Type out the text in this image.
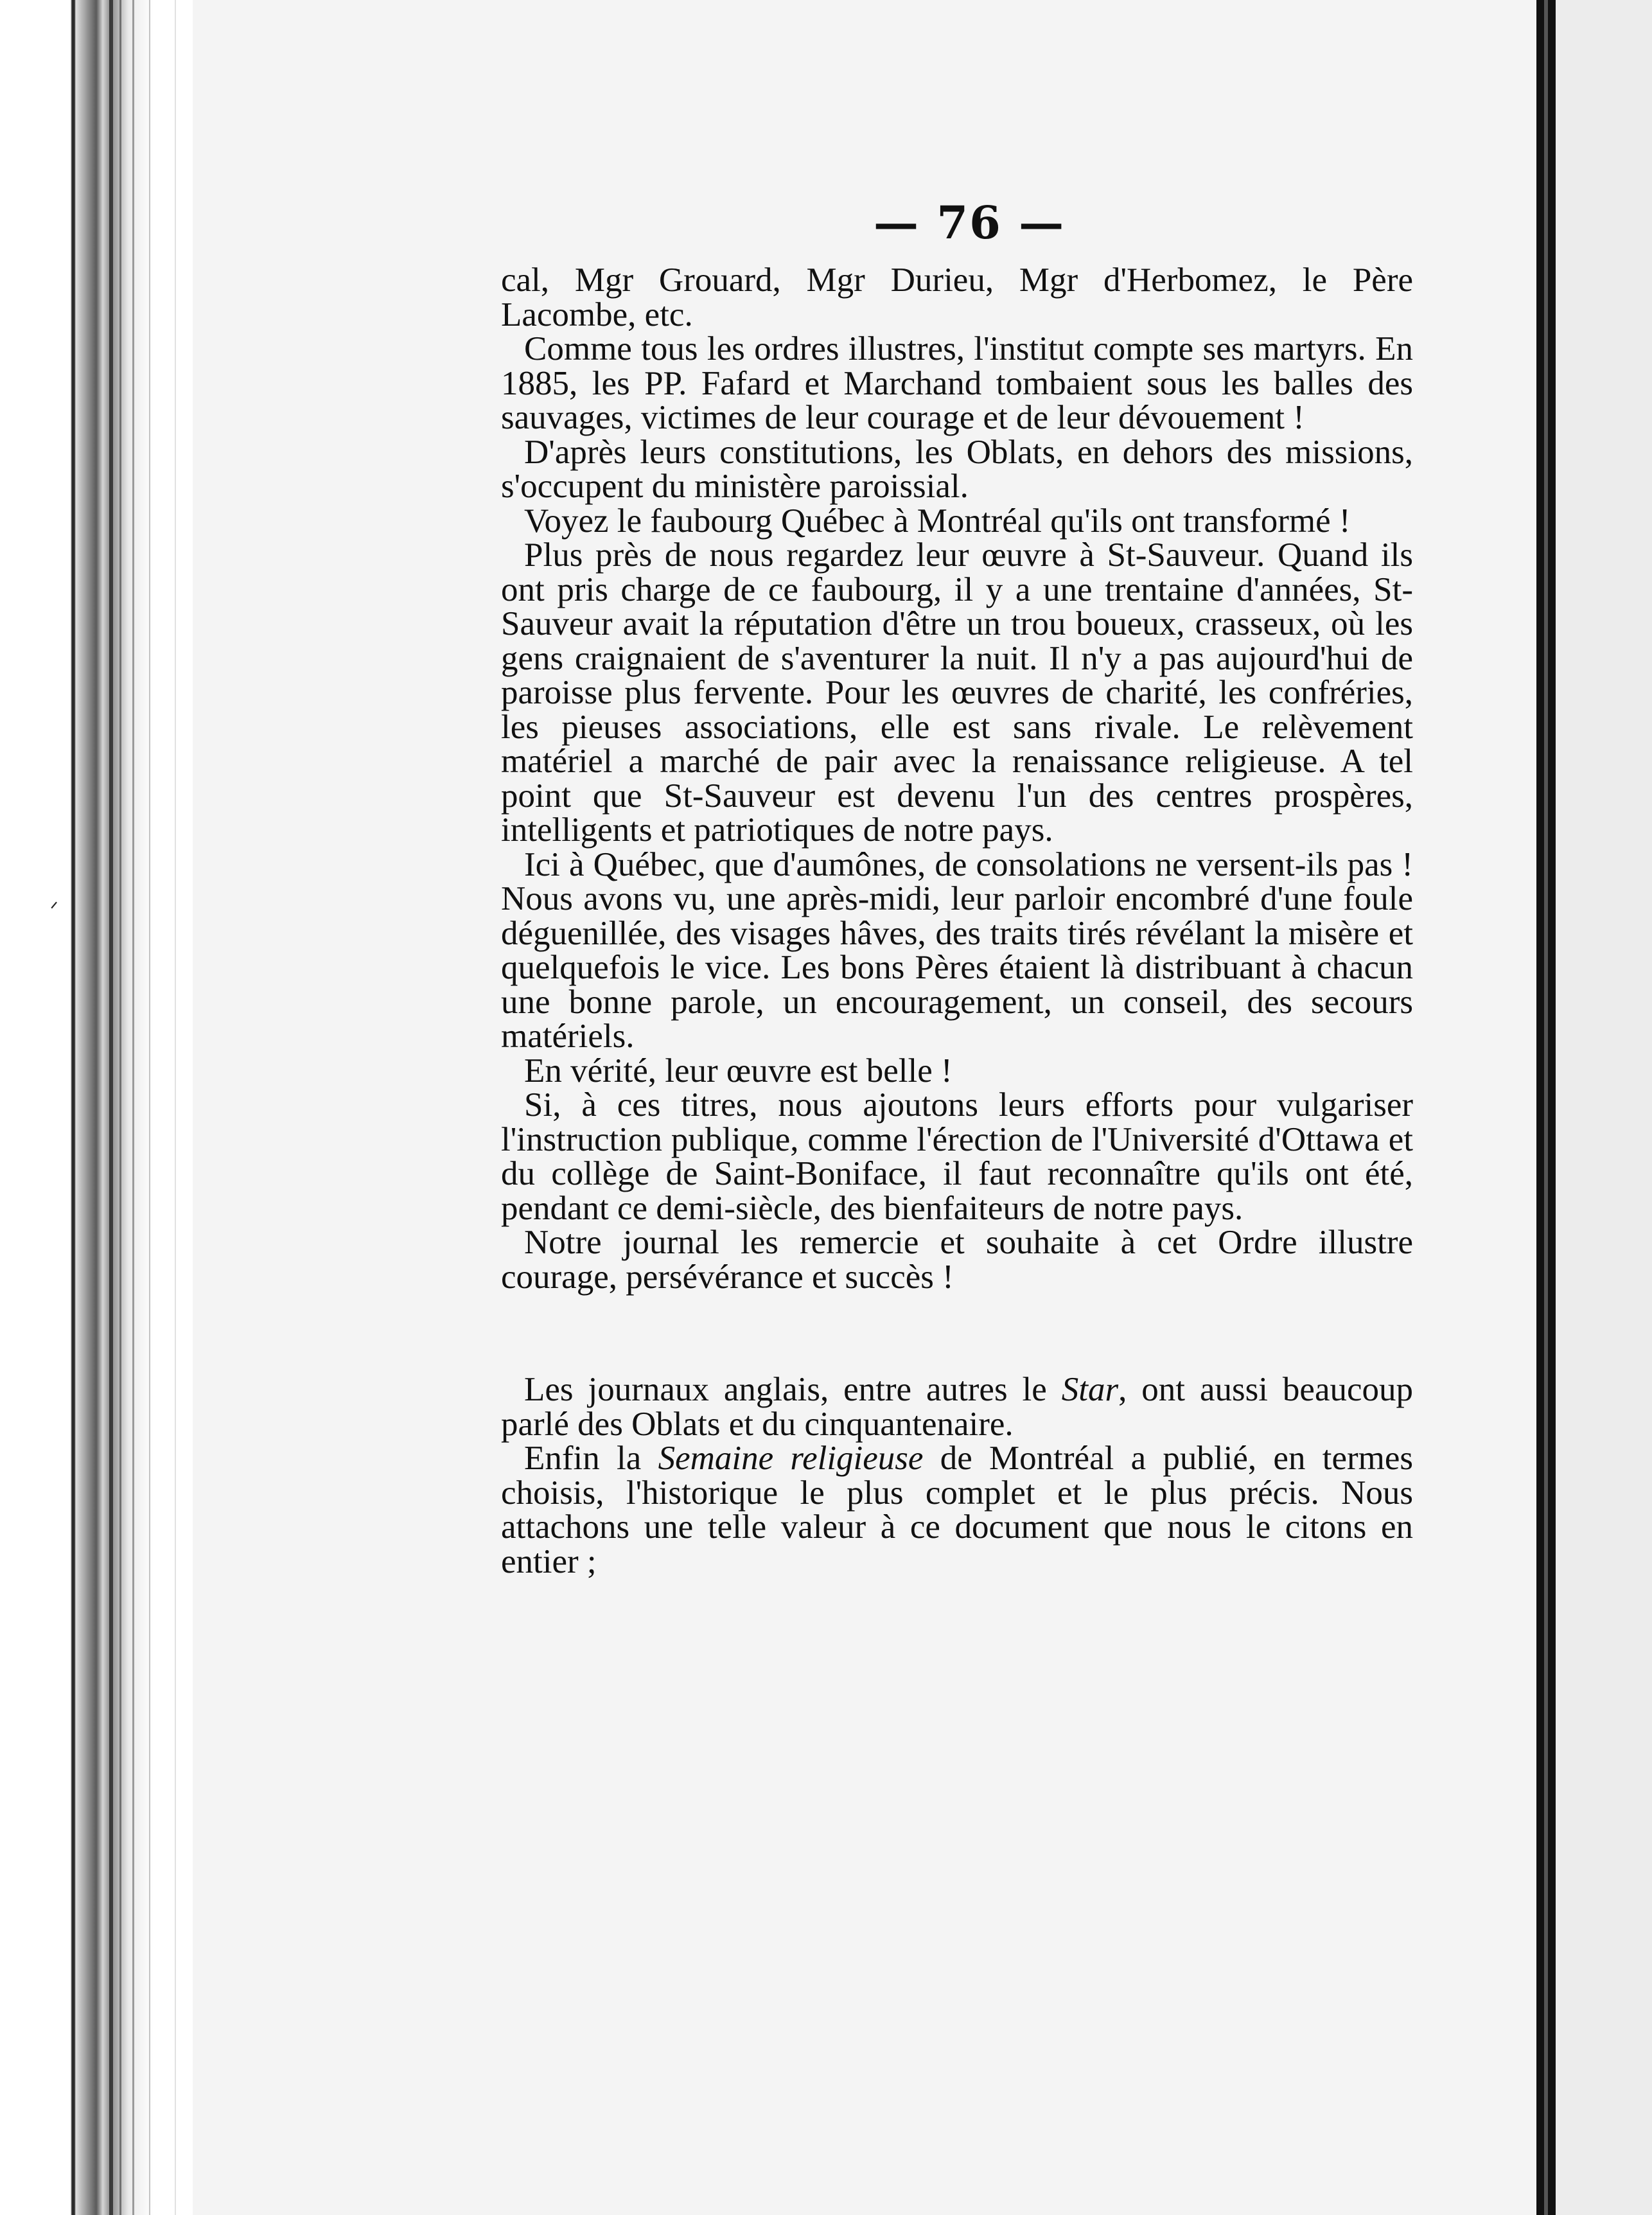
ᐟ
— 76 —

cal, Mgr Grouard, Mgr Durieu, Mgr d'Herbomez, le Père Lacombe, etc.

Comme tous les ordres illustres, l'institut compte ses martyrs. En 1885, les PP. Fafard et Marchand tombaient sous les balles des sauvages, victimes de leur courage et de leur dévouement !

D'après leurs constitutions, les Oblats, en dehors des missions, s'occupent du ministère paroissial.

Voyez le faubourg Québec à Montréal qu'ils ont transformé !

Plus près de nous regardez leur œuvre à St-Sauveur. Quand ils ont pris charge de ce faubourg, il y a une trentaine d'années, St-Sauveur avait la réputation d'être un trou boueux, crasseux, où les gens craignaient de s'aventurer la nuit. Il n'y a pas aujourd'hui de paroisse plus fervente. Pour les œuvres de charité, les confréries, les pieuses associations, elle est sans rivale. Le relèvement matériel a marché de pair avec la renaissance religieuse. A tel point que St-Sauveur est devenu l'un des centres prospères, intelligents et patriotiques de notre pays.

Ici à Québec, que d'aumônes, de consolations ne versent-ils pas ! Nous avons vu, une après-midi, leur parloir encombré d'une foule déguenillée, des visages hâves, des traits tirés révélant la misère et quelquefois le vice. Les bons Pères étaient là distribuant à chacun une bonne parole, un encouragement, un conseil, des secours matériels.

En vérité, leur œuvre est belle !

Si, à ces titres, nous ajoutons leurs efforts pour vulgariser l'instruction publique, comme l'érection de l'Université d'Ottawa et du collège de Saint-Boniface, il faut reconnaître qu'ils ont été, pendant ce demi-siècle, des bienfaiteurs de notre pays.

Notre journal les remercie et souhaite à cet Ordre illustre courage, persévérance et succès !

Les journaux anglais, entre autres le Star, ont aussi beaucoup parlé des Oblats et du cinquantenaire.

Enfin la Semaine religieuse de Montréal a publié, en termes choisis, l'historique le plus complet et le plus précis. Nous attachons une telle valeur à ce document que nous le citons en entier ;
